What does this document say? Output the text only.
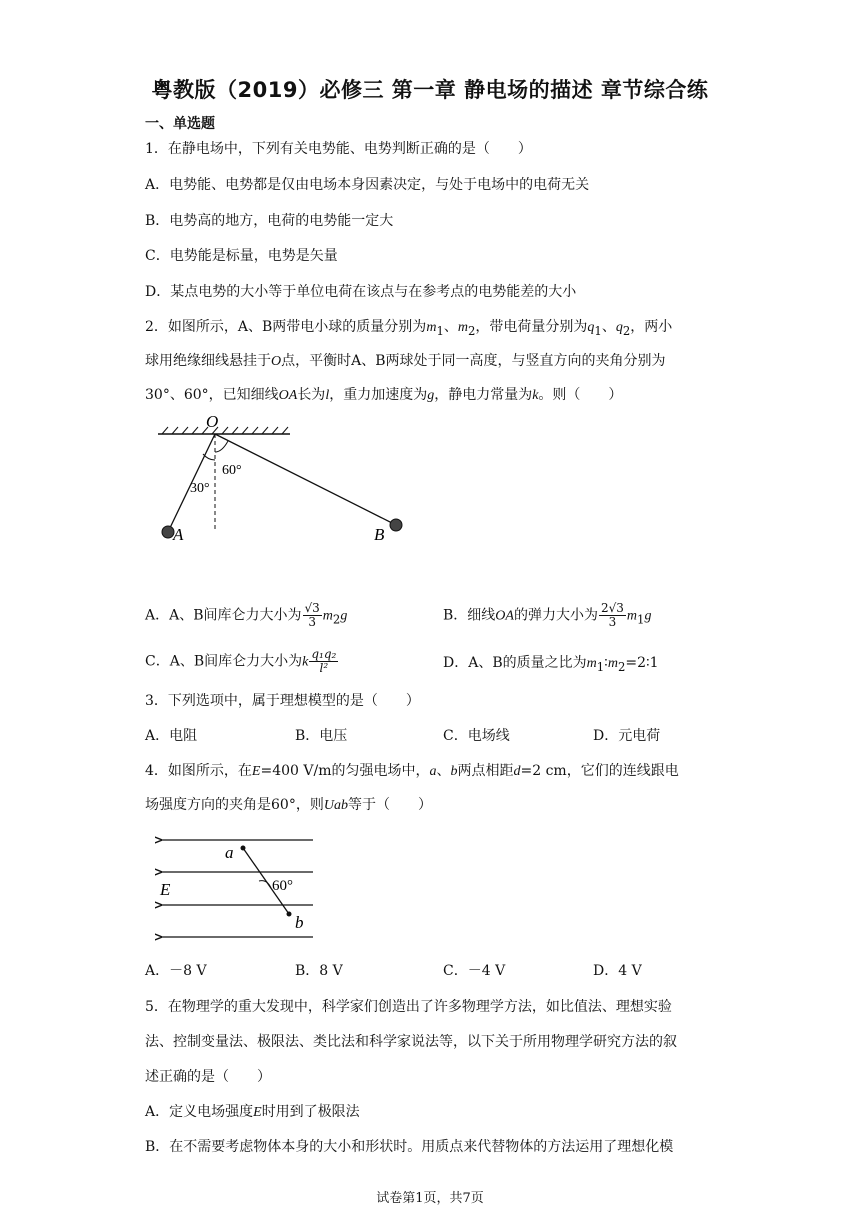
粤教版（2019）必修三 第一章 静电场的描述 章节综合练
一、单选题
1．在静电场中，下列有关电势能、电势判断正确的是（　　）
A．电势能、电势都是仅由电场本身因素决定，与处于电场中的电荷无关
B．电势高的地方，电荷的电势能一定大
C．电势能是标量，电势是矢量
D．某点电势的大小等于单位电荷在该点与在参考点的电势能差的大小
2．如图所示，A、B两带电小球的质量分别为$m_1$、$m_2$，带电荷量分别为$q_1$、$q_2$，两小
球用绝缘细线悬挂于O点，平衡时A、B两球处于同一高度，与竖直方向的夹角分别为
30°、60°，已知细线OA长为l，重力加速度为g，静电力常量为k。则（　　）
O
60°
30°
A	B
A．A、B间库仑力大小为 $\frac{√3}{3} m_2g$	B．细线OA的弹力大小为 $\frac{2√3}{3} m_1g$
C．A、B间库仑力大小为k $\frac{\text{q₁q₂}}{\text{l²}}$	D．A、B的质量之比为$m_1∶m_2=2∶1$
3．下列选项中，属于理想模型的是（　　）
A．电阻	B．电压	C．电场线	D．元电荷
4．如图所示，在E=400 V/m的匀强电场中，a、b两点相距d=2 cm，它们的连线跟电
场强度方向的夹角是60°，则Uab等于（　　）
a
b
E	60°
A．－8 V	B．8 V	C．－4 V	D．4 V
5．在物理学的重大发现中，科学家们创造出了许多物理学方法，如比值法、理想实验
法、控制变量法、极限法、类比法和科学家说法等，以下关于所用物理学研究方法的叙
述正确的是（　　）
A．定义电场强度E时用到了极限法
B．在不需要考虑物体本身的大小和形状时。用质点来代替物体的方法运用了理想化模
试卷第1页，共7页
